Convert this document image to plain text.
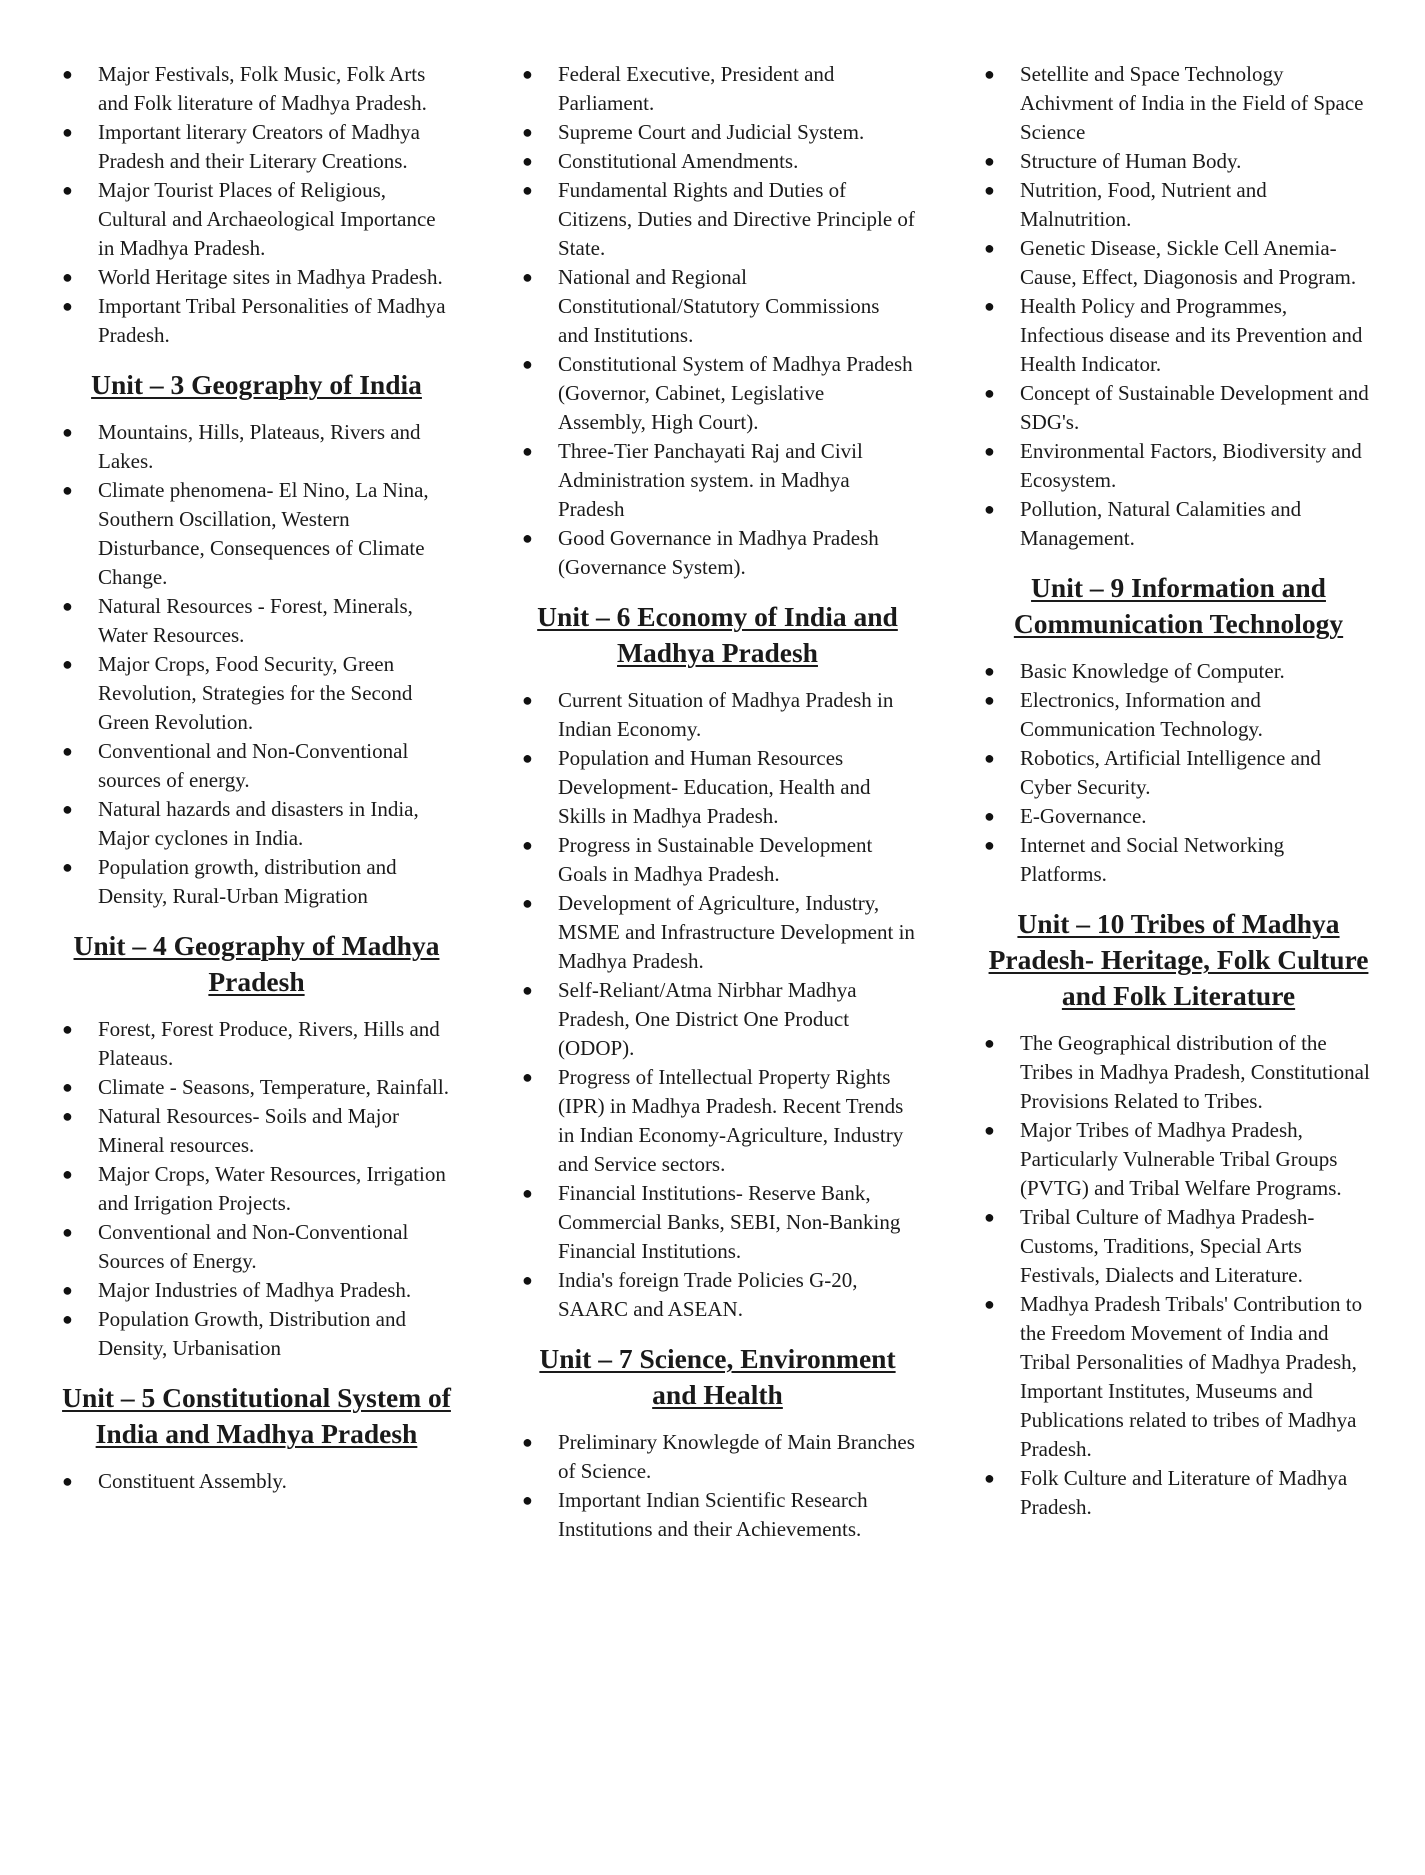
●	Major Festivals, Folk Music, Folk Arts and Folk literature of Madhya Pradesh.
●	Important literary Creators of Madhya Pradesh and their Literary Creations.
●	Major Tourist Places of Religious, Cultural and Archaeological Importance in Madhya Pradesh.
●	World Heritage sites in Madhya Pradesh.
●	Important Tribal Personalities of Madhya Pradesh.
Unit – 3 Geography of India
●	Mountains, Hills, Plateaus, Rivers and Lakes.
●	Climate phenomena- El Nino, La Nina, Southern Oscillation, Western Disturbance, Consequences of Climate Change.
●	Natural Resources - Forest, Minerals, Water Resources.
●	Major Crops, Food Security, Green Revolution, Strategies for the Second Green Revolution.
●	Conventional and Non-Conventional sources of energy.
●	Natural hazards and disasters in India, Major cyclones in India.
●	Population growth, distribution and Density, Rural-Urban Migration
Unit – 4 Geography of Madhya Pradesh
●	Forest, Forest Produce, Rivers, Hills and Plateaus.
●	Climate - Seasons, Temperature, Rainfall.
●	Natural Resources- Soils and Major Mineral resources.
●	Major Crops, Water Resources, Irrigation and Irrigation Projects.
●	Conventional and Non-Conventional Sources of Energy.
●	Major Industries of Madhya Pradesh.
●	Population Growth, Distribution and Density, Urbanisation
Unit – 5 Constitutional System of India and Madhya Pradesh
●	Constituent Assembly.
●	Federal Executive, President and Parliament.
●	Supreme Court and Judicial System.
●	Constitutional Amendments.
●	Fundamental Rights and Duties of Citizens, Duties and Directive Principle of State.
●	National and Regional Constitutional/Statutory Commissions and Institutions.
●	Constitutional System of Madhya Pradesh (Governor, Cabinet, Legislative Assembly, High Court).
●	Three-Tier Panchayati Raj and Civil Administration system. in Madhya Pradesh
●	Good Governance in Madhya Pradesh (Governance System).
Unit – 6 Economy of India and Madhya Pradesh
●	Current Situation of Madhya Pradesh in Indian Economy.
●	Population and Human Resources Development- Education, Health and Skills in Madhya Pradesh.
●	Progress in Sustainable Development Goals in Madhya Pradesh.
●	Development of Agriculture, Industry, MSME and Infrastructure Development in Madhya Pradesh.
●	Self-Reliant/Atma Nirbhar Madhya Pradesh, One District One Product (ODOP).
●	Progress of Intellectual Property Rights (IPR) in Madhya Pradesh. Recent Trends in Indian Economy-Agriculture, Industry and Service sectors.
●	Financial Institutions- Reserve Bank, Commercial Banks, SEBI, Non-Banking Financial Institutions.
●	India's foreign Trade Policies G-20, SAARC and ASEAN.
Unit – 7 Science, Environment and Health
●	Preliminary Knowlegde of Main Branches of Science.
●	Important Indian Scientific Research Institutions and their Achievements.
●	Setellite and Space Technology Achivment of India in the Field of Space Science
●	Structure of Human Body.
●	Nutrition, Food, Nutrient and Malnutrition.
●	Genetic Disease, Sickle Cell Anemia-Cause, Effect, Diagonosis and Program.
●	Health Policy and Programmes, Infectious disease and its Prevention and Health Indicator.
●	Concept of Sustainable Development and SDG's.
●	Environmental Factors, Biodiversity and Ecosystem.
●	Pollution, Natural Calamities and Management.
Unit – 9 Information and Communication Technology
●	Basic Knowledge of Computer.
●	Electronics, Information and Communication Technology.
●	Robotics, Artificial Intelligence and Cyber Security.
●	E-Governance.
●	Internet and Social Networking Platforms.
Unit – 10 Tribes of Madhya Pradesh- Heritage, Folk Culture and Folk Literature
●	The Geographical distribution of the Tribes in Madhya Pradesh, Constitutional Provisions Related to Tribes.
●	Major Tribes of Madhya Pradesh, Particularly Vulnerable Tribal Groups (PVTG) and Tribal Welfare Programs.
●	Tribal Culture of Madhya Pradesh-Customs, Traditions, Special Arts Festivals, Dialects and Literature.
●	Madhya Pradesh Tribals' Contribution to the Freedom Movement of India and Tribal Personalities of Madhya Pradesh, Important Institutes, Museums and Publications related to tribes of Madhya Pradesh.
●	Folk Culture and Literature of Madhya Pradesh.
